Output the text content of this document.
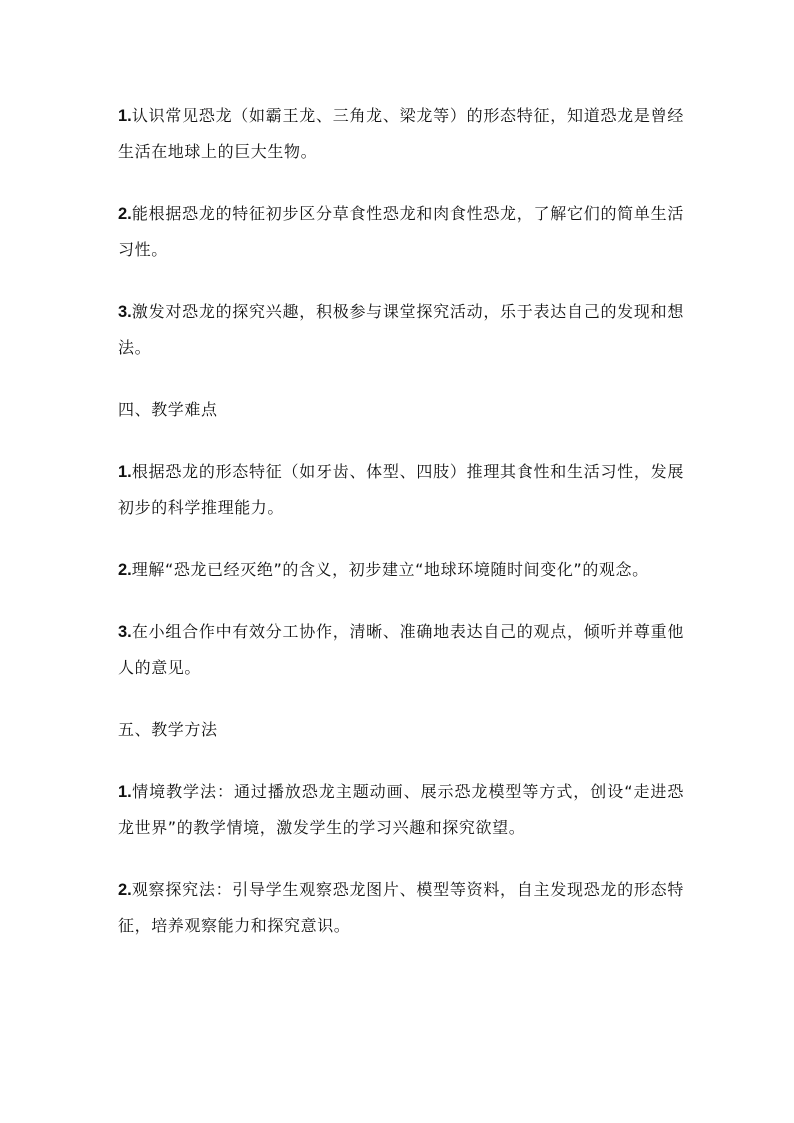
1.认识常见恐龙（如霸王龙、三角龙、梁龙等）的形态特征，知道恐龙是曾经生活在地球上的巨大生物。

2.能根据恐龙的特征初步区分草食性恐龙和肉食性恐龙，了解它们的简单生活习性。

3.激发对恐龙的探究兴趣，积极参与课堂探究活动，乐于表达自己的发现和想法。

四、教学难点

1.根据恐龙的形态特征（如牙齿、体型、四肢）推理其食性和生活习性，发展初步的科学推理能力。

2.理解“恐龙已经灭绝”的含义，初步建立“地球环境随时间变化”的观念。

3.在小组合作中有效分工协作，清晰、准确地表达自己的观点，倾听并尊重他人的意见。

五、教学方法

1.情境教学法：通过播放恐龙主题动画、展示恐龙模型等方式，创设“走进恐龙世界”的教学情境，激发学生的学习兴趣和探究欲望。

2.观察探究法：引导学生观察恐龙图片、模型等资料，自主发现恐龙的形态特征，培养观察能力和探究意识。
